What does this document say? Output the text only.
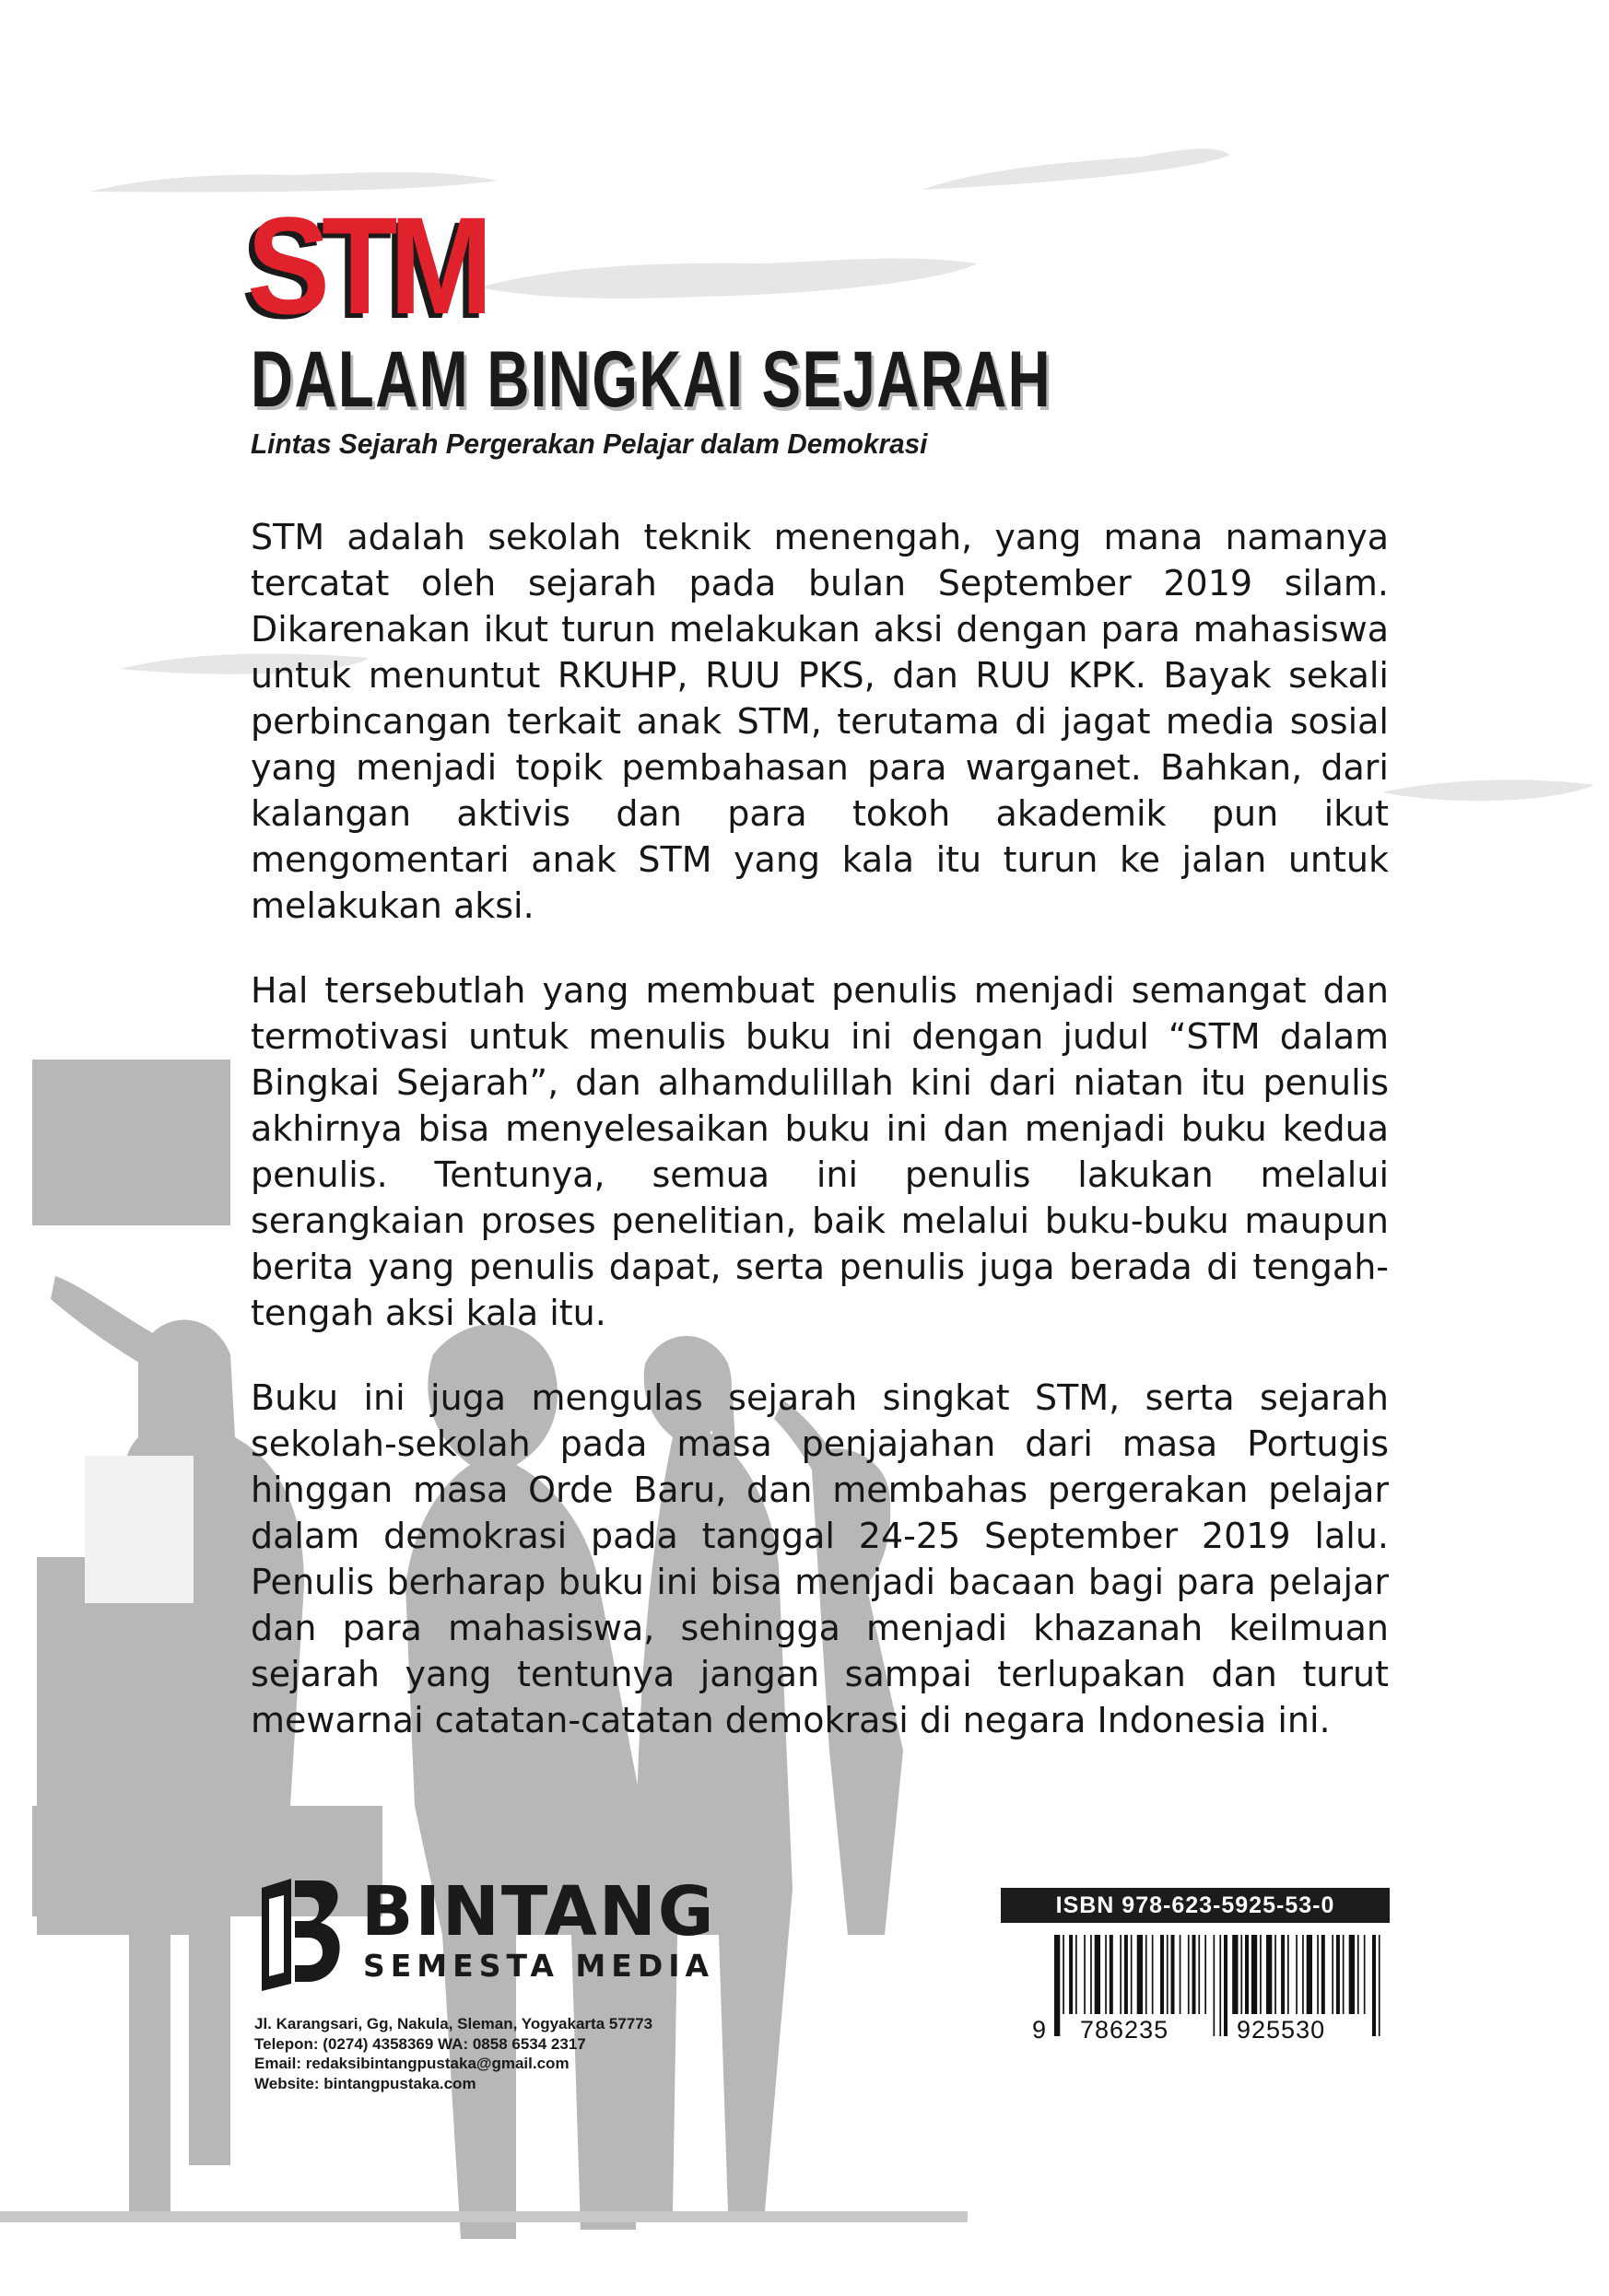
STM
DALAM BINGKAI SEJARAH
Lintas Sejarah Pergerakan Pelajar dalam Demokrasi

STM adalah sekolah teknik menengah, yang mana namanya tercatat oleh sejarah pada bulan September 2019 silam. Dikarenakan ikut turun melakukan aksi dengan para mahasiswa untuk menuntut RKUHP, RUU PKS, dan RUU KPK. Bayak sekali perbincangan terkait anak STM, terutama di jagat media sosial yang menjadi topik pembahasan para warganet. Bahkan, dari kalangan aktivis dan para tokoh akademik pun ikut mengomentari anak STM yang kala itu turun ke jalan untuk melakukan aksi.

Hal tersebutlah yang membuat penulis menjadi semangat dan termotivasi untuk menulis buku ini dengan judul “STM dalam Bingkai Sejarah”, dan alhamdulillah kini dari niatan itu penulis akhirnya bisa menyelesaikan buku ini dan menjadi buku kedua penulis. Tentunya, semua ini penulis lakukan melalui serangkaian proses penelitian, baik melalui buku-buku maupun berita yang penulis dapat, serta penulis juga berada di tengah-tengah aksi kala itu.

Buku ini juga mengulas sejarah singkat STM, serta sejarah sekolah-sekolah pada masa penjajahan dari masa Portugis hinggan masa Orde Baru, dan membahas pergerakan pelajar dalam demokrasi pada tanggal 24-25 September 2019 lalu. Penulis berharap buku ini bisa menjadi bacaan bagi para pelajar dan para mahasiswa, sehingga menjadi khazanah keilmuan sejarah yang tentunya jangan sampai terlupakan dan turut mewarnai catatan-catatan demokrasi di negara Indonesia ini.

BINTANG
SEMESTA MEDIA
Jl. Karangsari, Gg, Nakula, Sleman, Yogyakarta 57773
Telepon: (0274) 4358369 WA: 0858 6534 2317
Email: redaksibintangpustaka@gmail.com
Website: bintangpustaka.com
ISBN 978-623-5925-53-0
9 786235	925530
